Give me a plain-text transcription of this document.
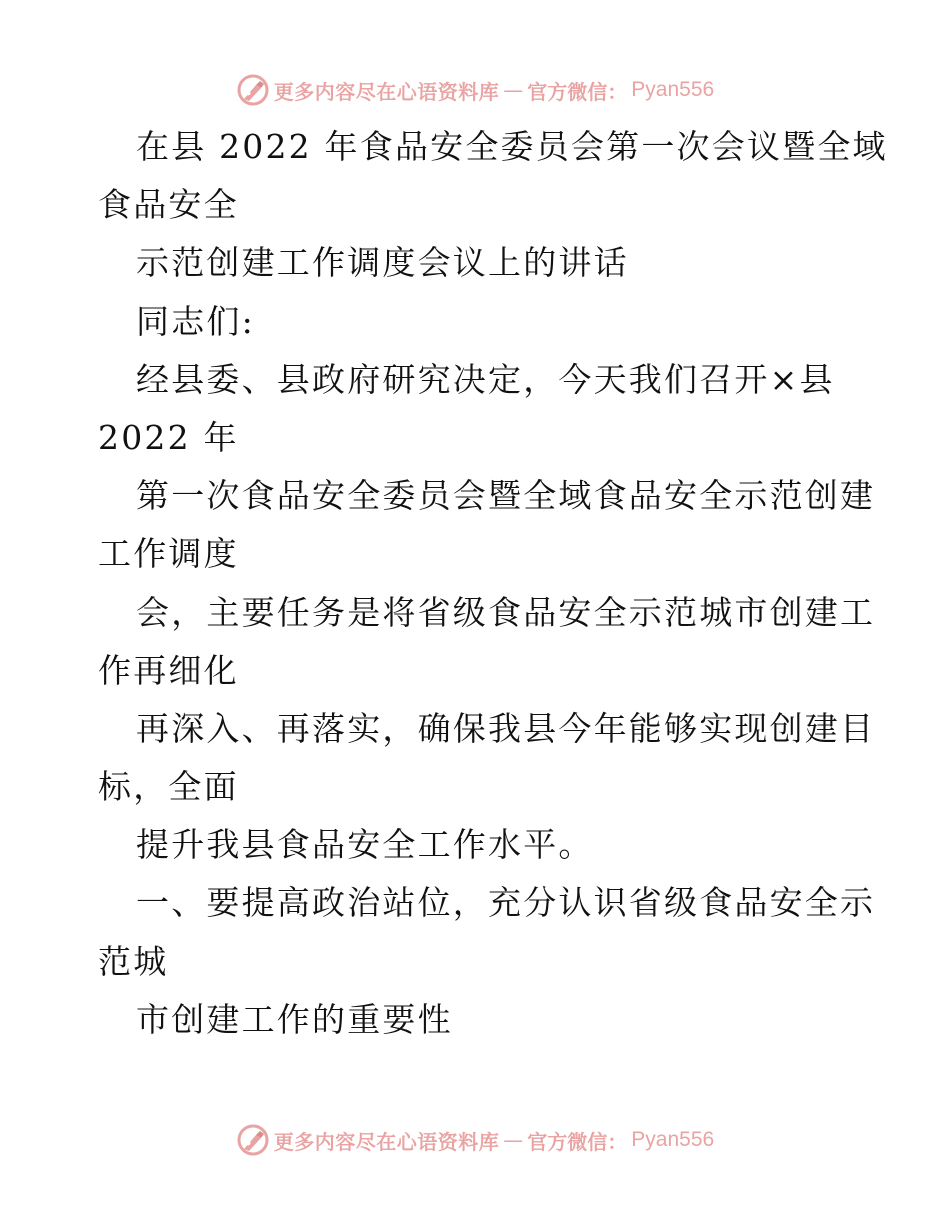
更多内容尽在心语资料库 — 官方微信： Pyan556
在县 2022 年食品安全委员会第一次会议暨全域
食品安全
示范创建工作调度会议上的讲话
同志们:
经县委、县政府研究决定，今天我们召开×县
2022 年
第一次食品安全委员会暨全域食品安全示范创建
工作调度
会，主要任务是将省级食品安全示范城市创建工
作再细化
再深入、再落实，确保我县今年能够实现创建目
标，全面
提升我县食品安全工作水平。
一、要提高政治站位，充分认识省级食品安全示
范城
市创建工作的重要性
更多内容尽在心语资料库 — 官方微信： Pyan556
